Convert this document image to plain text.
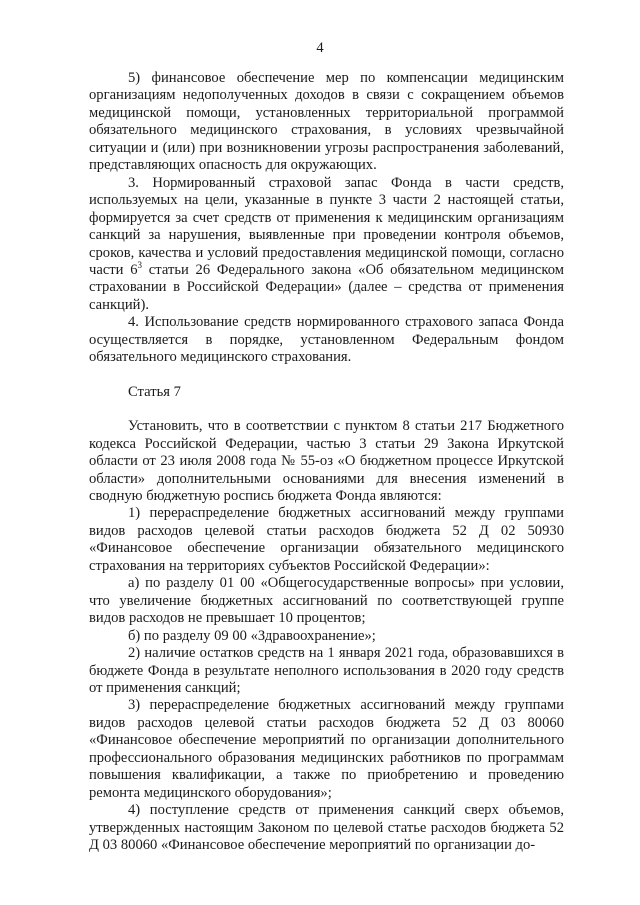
4

5) финансовое обеспечение мер по компенсации медицинским организациям недополученных доходов в связи с сокращением объемов медицинской помощи, установленных территориальной программой обязательного медицинского страхования, в условиях чрезвычайной ситуации и (или) при возникновении угрозы распространения заболеваний, представляющих опасность для окружающих.

3. Нормированный страховой запас Фонда в части средств, используемых на цели, указанные в пункте 3 части 2 настоящей статьи, формируется за счет средств от применения к медицинским организациям санкций за нарушения, выявленные при проведении контроля объемов, сроков, качества и условий предоставления медицинской помощи, согласно части $6^3$ статьи 26 Федерального закона «Об обязательном медицинском страховании в Российской Федерации» (далее – средства от применения санкций).

4. Использование средств нормированного страхового запаса Фонда осуществляется в порядке, установленном Федеральным фондом обязательного медицинского страхования.

Статья 7

Установить, что в соответствии с пунктом 8 статьи 217 Бюджетного кодекса Российской Федерации, частью 3 статьи 29 Закона Иркутской области от 23 июля 2008 года № 55-оз «О бюджетном процессе Иркутской области» дополнительными основаниями для внесения изменений в сводную бюджетную роспись бюджета Фонда являются:

1) перераспределение бюджетных ассигнований между группами видов расходов целевой статьи расходов бюджета 52 Д 02 50930 «Финансовое обеспечение организации обязательного медицинского страхования на территориях субъектов Российской Федерации»:

а) по разделу 01 00 «Общегосударственные вопросы» при условии, что увеличение бюджетных ассигнований по соответствующей группе видов расходов не превышает 10 процентов;

б) по разделу 09 00 «Здравоохранение»;

2) наличие остатков средств на 1 января 2021 года, образовавшихся в бюджете Фонда в результате неполного использования в 2020 году средств от применения санкций;

3) перераспределение бюджетных ассигнований между группами видов расходов целевой статьи расходов бюджета 52 Д 03 80060 «Финансовое обеспечение мероприятий по организации дополнительного профессионального образования медицинских работников по программам повышения квалификации, а также по приобретению и проведению ремонта медицинского оборудования»;

4) поступление средств от применения санкций сверх объемов, утвержденных настоящим Законом по целевой статье расходов бюджета 52 Д 03 80060 «Финансовое обеспечение мероприятий по организации до-
